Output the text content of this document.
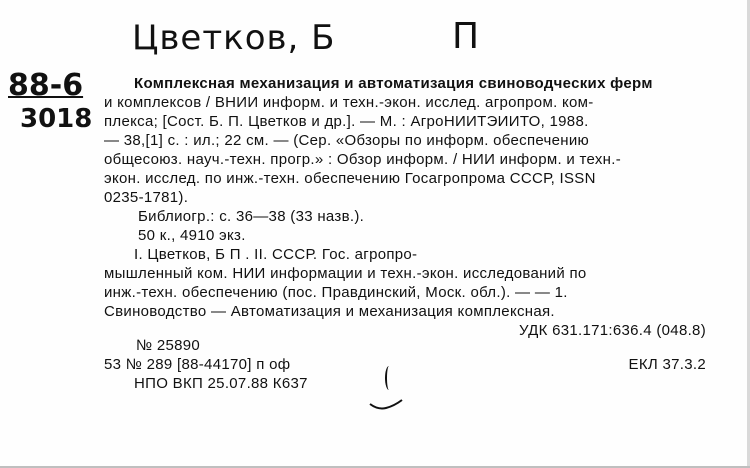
Цветков, Б	П
88-6
3018
Комплексная механизация и автоматизация свиноводческих ферм
и комплексов / ВНИИ информ. и техн.-экон. исслед. агропром. ком-
плекса; [Сост. Б. П. Цветков и др.]. — М. : АгроНИИТЭИИТО, 1988.
— 38,[1] с. : ил.; 22 см. — (Сер. «Обзоры по информ. обеспечению
общесоюз. науч.-техн. прогр.» : Обзор информ. / НИИ информ. и техн.-
экон. исслед. по инж.-техн. обеспечению Госагропрома СССР, ISSN
0235-1781).
Библиогр.: с. 36—38 (33 назв.).
50 к., 4910 экз.
I. Цветков, Б П . II. СССР. Гос. агропро-
мышленный ком. НИИ информации и техн.-экон. исследований по
инж.-техн. обеспечению (пос. Правдинский, Моск. обл.). — — 1.
Свиноводство — Автоматизация и механизация комплексная.
УДК 631.171:636.4 (048.8)
№ 25890
53 № 289 [88-44170] п оф	ЕКЛ 37.3.2
НПО ВКП 25.07.88 К637
